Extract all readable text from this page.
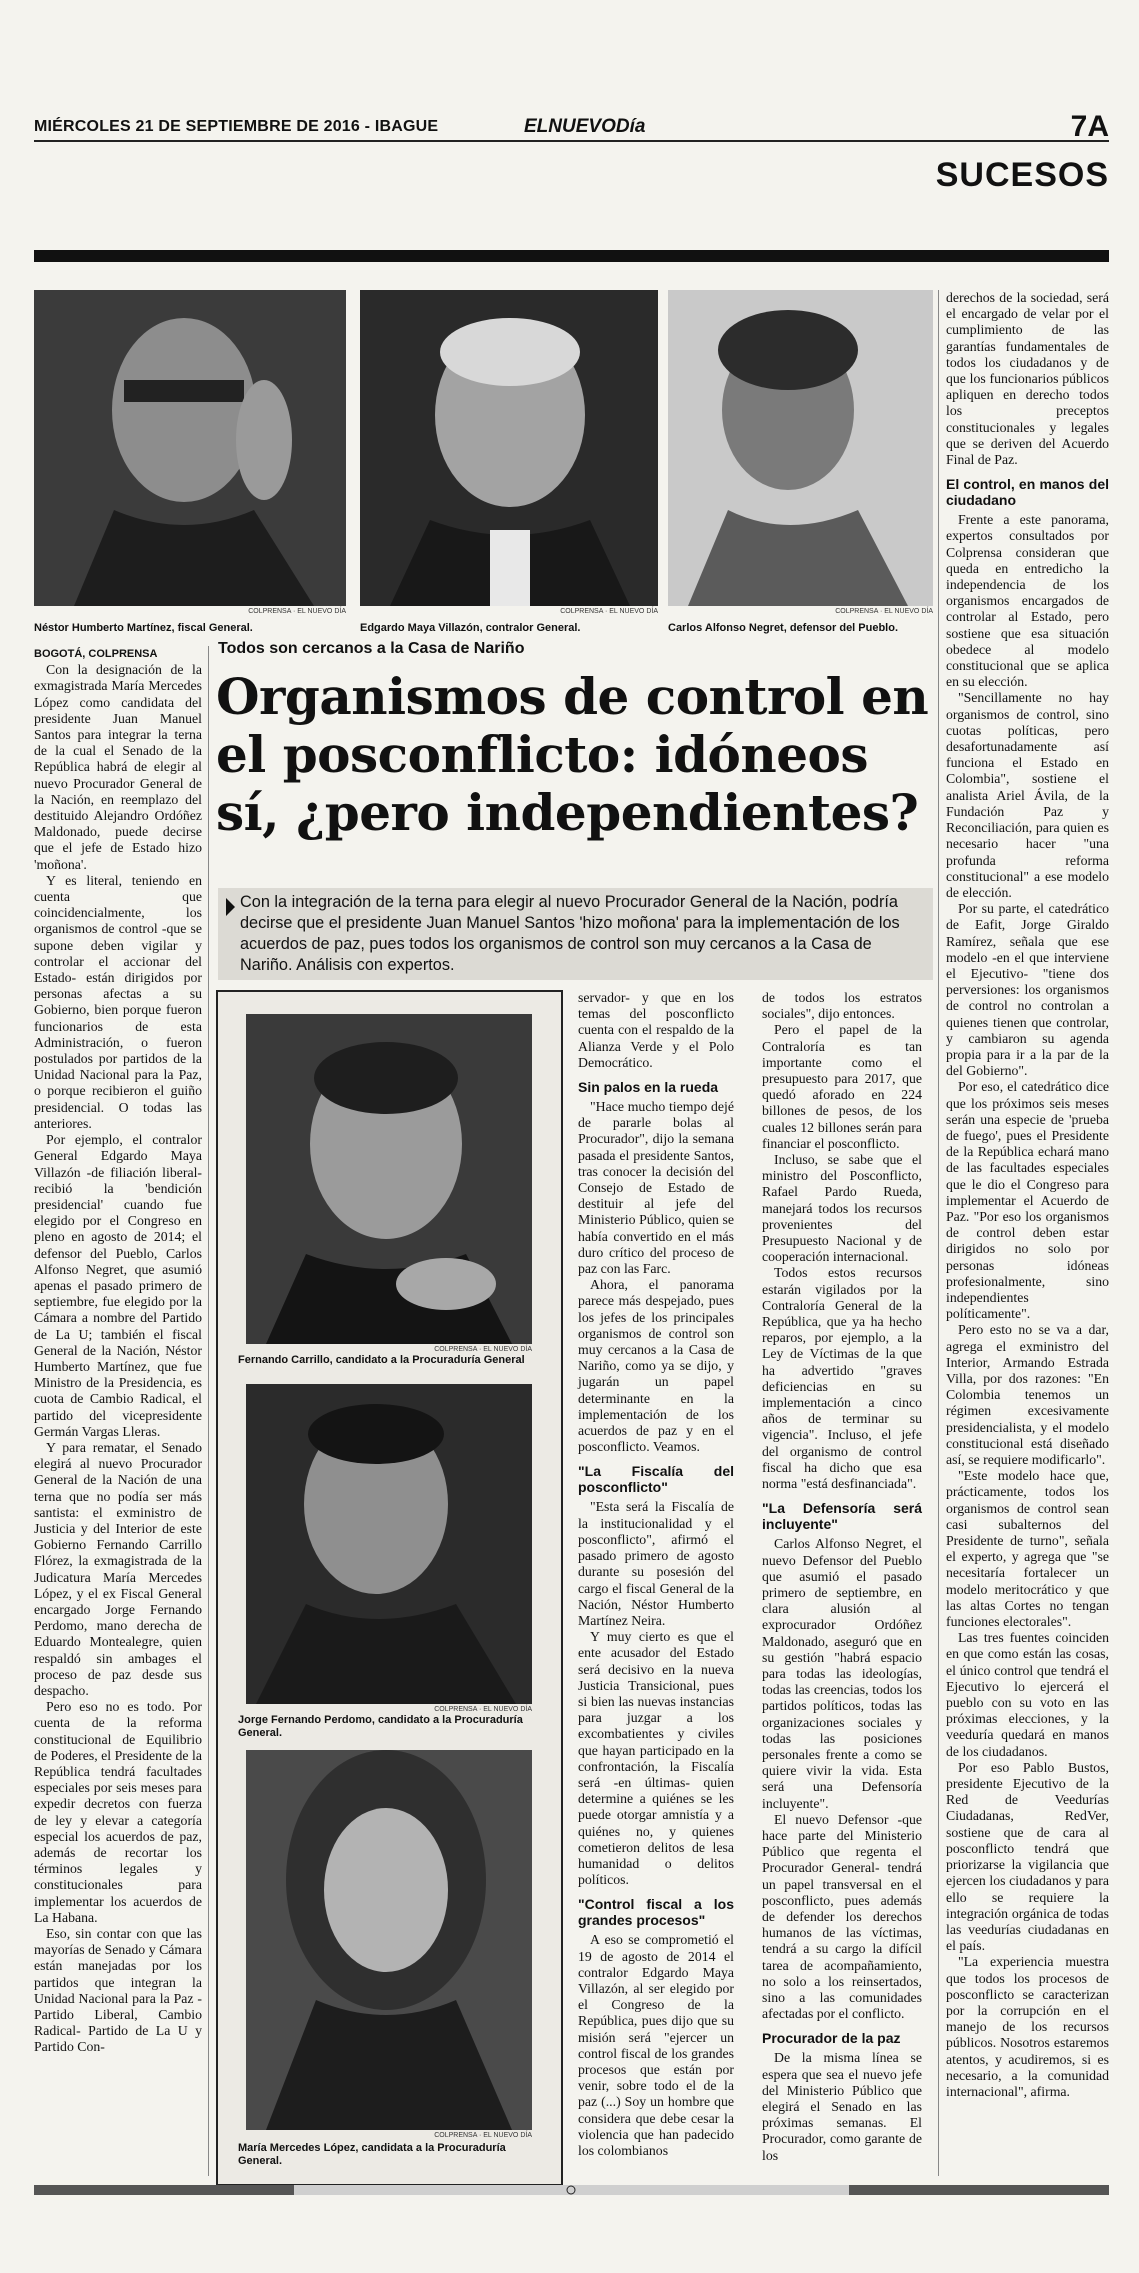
MIÉRCOLES 21 DE SEPTIEMBRE DE 2016 - IBAGUE	ELNUEVODía	7A
SUCESOS
COLPRENSA · EL NUEVO DÍA
Néstor Humberto Martínez, fiscal General.
COLPRENSA · EL NUEVO DÍA
Edgardo Maya Villazón, contralor General.
COLPRENSA · EL NUEVO DÍA
Carlos Alfonso Negret, defensor del Pueblo.

BOGOTÁ, COLPRENSA

Con la designación de la exmagistrada María Mercedes López como candidata del presidente Juan Manuel Santos para integrar la terna de la cual el Senado de la República habrá de elegir al nuevo Procurador General de la Nación, en reemplazo del destituido Alejandro Ordóñez Maldonado, puede decirse que el jefe de Estado hizo 'moñona'.

Y es literal, teniendo en cuenta que coincidencialmente, los organismos de control -que se supone deben vigilar y controlar el accionar del Estado- están dirigidos por personas afectas a su Gobierno, bien porque fueron funcionarios de esta Administración, o fueron postulados por partidos de la Unidad Nacional para la Paz, o porque recibieron el guiño presidencial. O todas las anteriores.

Por ejemplo, el contralor General Edgardo Maya Villazón -de filiación liberal- recibió la 'bendición presidencial' cuando fue elegido por el Congreso en pleno en agosto de 2014; el defensor del Pueblo, Carlos Alfonso Negret, que asumió apenas el pasado primero de septiembre, fue elegido por la Cámara a nombre del Partido de La U; también el fiscal General de la Nación, Néstor Humberto Martínez, que fue Ministro de la Presidencia, es cuota de Cambio Radical, el partido del vicepresidente Germán Vargas Lleras.

Y para rematar, el Senado elegirá al nuevo Procurador General de la Nación de una terna que no podía ser más santista: el exministro de Justicia y del Interior de este Gobierno Fernando Carrillo Flórez, la exmagistrada de la Judicatura María Mercedes López, y el ex Fiscal General encargado Jorge Fernando Perdomo, mano derecha de Eduardo Montealegre, quien respaldó sin ambages el proceso de paz desde sus despacho.

Pero eso no es todo. Por cuenta de la reforma constitucional de Equilibrio de Poderes, el Presidente de la República tendrá facultades especiales por seis meses para expedir decretos con fuerza de ley y elevar a categoría especial los acuerdos de paz, además de recortar los términos legales y constitucionales para implementar los acuerdos de La Habana.

Eso, sin contar con que las mayorías de Senado y Cámara están manejadas por los partidos que integran la Unidad Nacional para la Paz -Partido Liberal, Cambio Radical- Partido de La U y Partido Con-

Todos son cercanos a la Casa de Nariño
Organismos de control en
el posconflicto: idóneos
sí, ¿pero independientes?
Con la integración de la terna para elegir al nuevo Procurador General de la Nación, podría decirse que el presidente Juan Manuel Santos 'hizo moñona' para la implementación de los acuerdos de paz, pues todos los organismos de control son muy cercanos a la Casa de Nariño. Análisis con expertos.
COLPRENSA · EL NUEVO DÍA
Fernando Carrillo, candidato a la Procuraduría General
COLPRENSA · EL NUEVO DÍA
Jorge Fernando Perdomo, candidato a la Procuraduría General.
COLPRENSA · EL NUEVO DÍA
María Mercedes López, candidata a la Procuraduría General.

servador- y que en los temas del posconflicto cuenta con el respaldo de la Alianza Verde y el Polo Democrático.

Sin palos en la rueda

"Hace mucho tiempo dejé de pararle bolas al Procurador", dijo la semana pasada el presidente Santos, tras conocer la decisión del Consejo de Estado de destituir al jefe del Ministerio Público, quien se había convertido en el más duro crítico del proceso de paz con las Farc.

Ahora, el panorama parece más despejado, pues los jefes de los principales organismos de control son muy cercanos a la Casa de Nariño, como ya se dijo, y jugarán un papel determinante en la implementación de los acuerdos de paz y en el posconflicto. Veamos.

"La Fiscalía del posconflicto"

"Esta será la Fiscalía de la institucionalidad y el posconflicto", afirmó el pasado primero de agosto durante su posesión del cargo el fiscal General de la Nación, Néstor Humberto Martínez Neira.

Y muy cierto es que el ente acusador del Estado será decisivo en la nueva Justicia Transicional, pues si bien las nuevas instancias para juzgar a los excombatientes y civiles que hayan participado en la confrontación, la Fiscalía será -en últimas- quien determine a quiénes se les puede otorgar amnistía y a quiénes no, y quienes cometieron delitos de lesa humanidad o delitos políticos.

"Control fiscal a los grandes procesos"

A eso se comprometió el 19 de agosto de 2014 el contralor Edgardo Maya Villazón, al ser elegido por el Congreso de la República, pues dijo que su misión será "ejercer un control fiscal de los grandes procesos que están por venir, sobre todo el de la paz (...) Soy un hombre que considera que debe cesar la violencia que han padecido los colombianos

de todos los estratos sociales", dijo entonces.

Pero el papel de la Contraloría es tan importante como el presupuesto para 2017, que quedó aforado en 224 billones de pesos, de los cuales 12 billones serán para financiar el posconflicto.

Incluso, se sabe que el ministro del Posconflicto, Rafael Pardo Rueda, manejará todos los recursos provenientes del Presupuesto Nacional y de cooperación internacional.

Todos estos recursos estarán vigilados por la Contraloría General de la República, que ya ha hecho reparos, por ejemplo, a la Ley de Víctimas de la que ha advertido "graves deficiencias en su implementación a cinco años de terminar su vigencia". Incluso, el jefe del organismo de control fiscal ha dicho que esa norma "está desfinanciada".

"La Defensoría será incluyente"

Carlos Alfonso Negret, el nuevo Defensor del Pueblo que asumió el pasado primero de septiembre, en clara alusión al exprocurador Ordóñez Maldonado, aseguró que en su gestión "habrá espacio para todas las ideologías, todas las creencias, todos los partidos políticos, todas las organizaciones sociales y todas las posiciones personales frente a como se quiere vivir la vida. Esta será una Defensoría incluyente".

El nuevo Defensor -que hace parte del Ministerio Público que regenta el Procurador General- tendrá un papel transversal en el posconflicto, pues además de defender los derechos humanos de las víctimas, tendrá a su cargo la difícil tarea de acompañamiento, no solo a los reinsertados, sino a las comunidades afectadas por el conflicto.

Procurador de la paz

De la misma línea se espera que sea el nuevo jefe del Ministerio Público que elegirá el Senado en las próximas semanas. El Procurador, como garante de los

derechos de la sociedad, será el encargado de velar por el cumplimiento de las garantías fundamentales de todos los ciudadanos y de que los funcionarios públicos apliquen en derecho todos los preceptos constitucionales y legales que se deriven del Acuerdo Final de Paz.

El control, en manos del ciudadano

Frente a este panorama, expertos consultados por Colprensa consideran que queda en entredicho la independencia de los organismos encargados de controlar al Estado, pero sostiene que esa situación obedece al modelo constitucional que se aplica en su elección.

"Sencillamente no hay organismos de control, sino cuotas políticas, pero desafortunadamente así funciona el Estado en Colombia", sostiene el analista Ariel Ávila, de la Fundación Paz y Reconciliación, para quien es necesario hacer "una profunda reforma constitucional" a ese modelo de elección.

Por su parte, el catedrático de Eafit, Jorge Giraldo Ramírez, señala que ese modelo -en el que interviene el Ejecutivo- "tiene dos perversiones: los organismos de control no controlan a quienes tienen que controlar, y cambiaron su agenda propia para ir a la par de la del Gobierno".

Por eso, el catedrático dice que los próximos seis meses serán una especie de 'prueba de fuego', pues el Presidente de la República echará mano de las facultades especiales que le dio el Congreso para implementar el Acuerdo de Paz. "Por eso los organismos de control deben estar dirigidos no solo por personas idóneas profesionalmente, sino independientes políticamente".

Pero esto no se va a dar, agrega el exministro del Interior, Armando Estrada Villa, por dos razones: "En Colombia tenemos un régimen excesivamente presidencialista, y el modelo constitucional está diseñado así, se requiere modificarlo".

"Este modelo hace que, prácticamente, todos los organismos de control sean casi subalternos del Presidente de turno", señala el experto, y agrega que "se necesitaría fortalecer un modelo meritocrático y que las altas Cortes no tengan funciones electorales".

Las tres fuentes coinciden en que como están las cosas, el único control que tendrá el Ejecutivo lo ejercerá el pueblo con su voto en las próximas elecciones, y la veeduría quedará en manos de los ciudadanos.

Por eso Pablo Bustos, presidente Ejecutivo de la Red de Veedurías Ciudadanas, RedVer, sostiene que de cara al posconflicto tendrá que priorizarse la vigilancia que ejercen los ciudadanos y para ello se requiere la integración orgánica de todas las veedurías ciudadanas en el país.

"La experiencia muestra que todos los procesos de posconflicto se caracterizan por la corrupción en el manejo de los recursos públicos. Nosotros estaremos atentos, y acudiremos, si es necesario, a la comunidad internacional", afirma.
